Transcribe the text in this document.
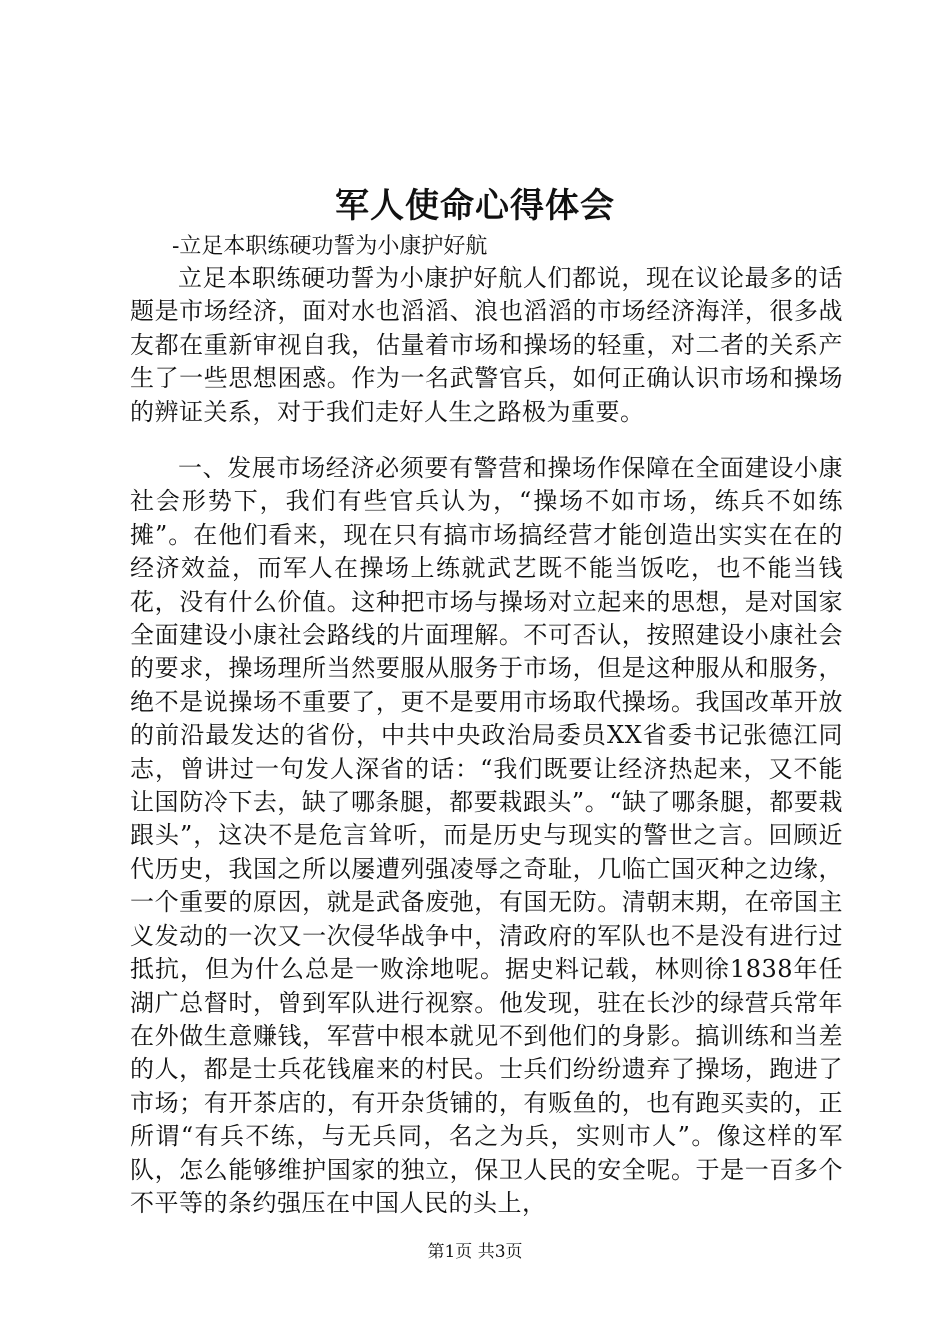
军人使命心得体会

-立足本职练硬功誓为小康护好航

立足本职练硬功誓为小康护好航人们都说，现在议论最多的话题是市场经济，面对水也滔滔、浪也滔滔的市场经济海洋，很多战友都在重新审视自我，估量着市场和操场的轻重，对二者的关系产生了一些思想困惑。作为一名武警官兵，如何正确认识市场和操场的辨证关系，对于我们走好人生之路极为重要。

一、发展市场经济必须要有警营和操场作保障在全面建设小康社会形势下，我们有些官兵认为，“操场不如市场，练兵不如练摊”。在他们看来，现在只有搞市场搞经营才能创造出实实在在的经济效益，而军人在操场上练就武艺既不能当饭吃，也不能当钱花，没有什么价值。这种把市场与操场对立起来的思想，是对国家全面建设小康社会路线的片面理解。不可否认，按照建设小康社会的要求，操场理所当然要服从服务于市场，但是这种服从和服务，绝不是说操场不重要了，更不是要用市场取代操场。我国改革开放的前沿最发达的省份，中共中央政治局委员XX省委书记张德江同志，曾讲过一句发人深省的话：“我们既要让经济热起来，又不能让国防冷下去，缺了哪条腿，都要栽跟头”。“缺了哪条腿，都要栽跟头”，这决不是危言耸听，而是历史与现实的警世之言。回顾近代历史，我国之所以屡遭列强凌辱之奇耻，几临亡国灭种之边缘，一个重要的原因，就是武备废弛，有国无防。清朝末期，在帝国主义发动的一次又一次侵华战争中，清政府的军队也不是没有进行过抵抗，但为什么总是一败涂地呢。据史料记载，林则徐1838年任湖广总督时，曾到军队进行视察。他发现，驻在长沙的绿营兵常年在外做生意赚钱，军营中根本就见不到他们的身影。搞训练和当差的人，都是士兵花钱雇来的村民。士兵们纷纷遗弃了操场，跑进了市场；有开茶店的，有开杂货铺的，有贩鱼的，也有跑买卖的，正所谓“有兵不练，与无兵同，名之为兵，实则市人”。像这样的军队，怎么能够维护国家的独立，保卫人民的安全呢。于是一百多个不平等的条约强压在中国人民的头上，

第1页 共3页
